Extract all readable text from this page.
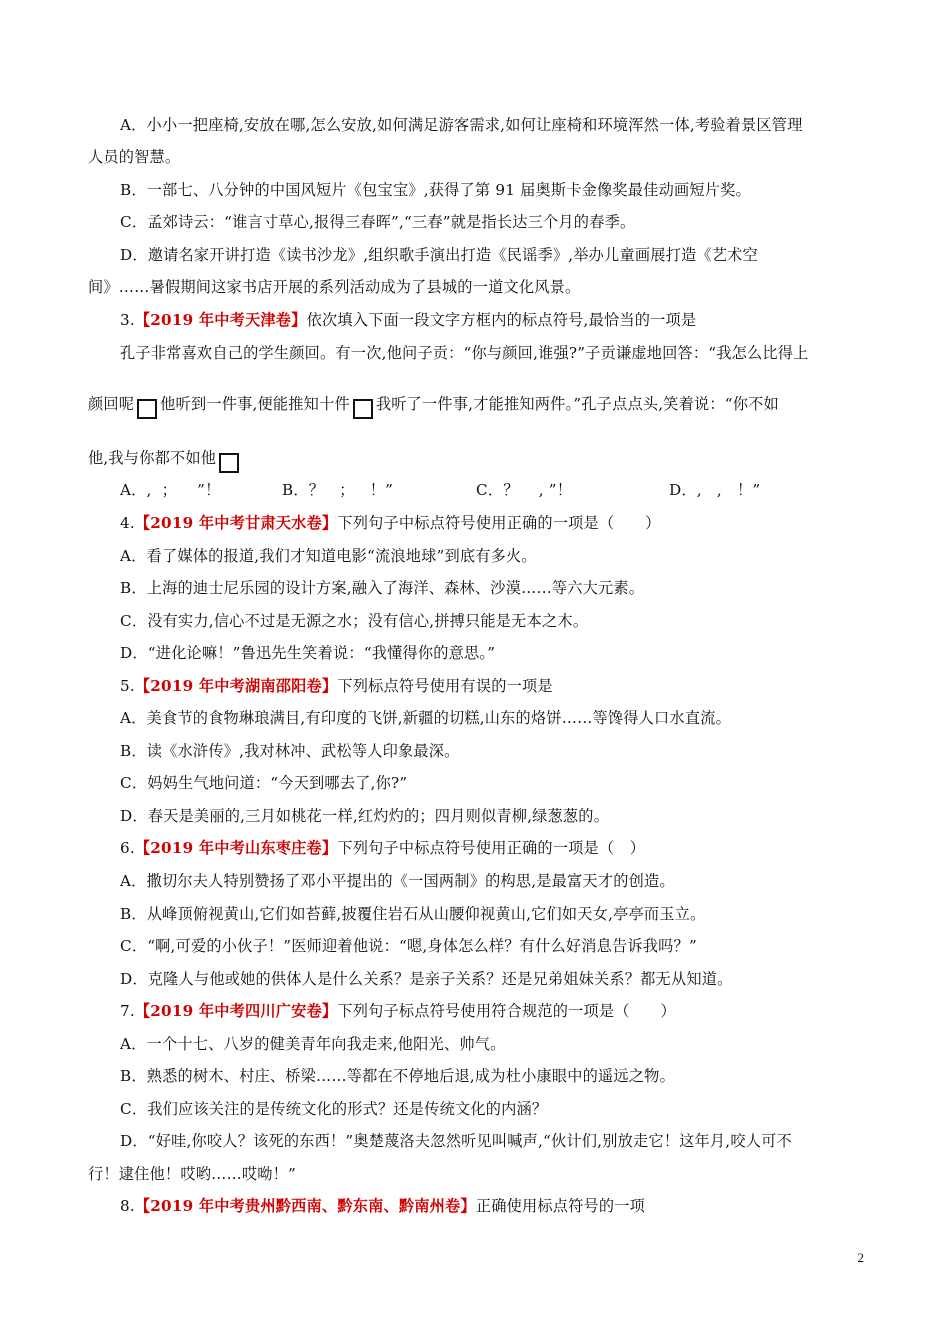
A．小小一把座椅,安放在哪,怎么安放,如何满足游客需求,如何让座椅和环境浑然一体,考验着景区管理
人员的智慧。
B．一部七、八分钟的中国风短片《包宝宝》,获得了第 91 届奥斯卡金像奖最佳动画短片奖。
C．孟郊诗云：“谁言寸草心,报得三春晖”,“三春”就是指长达三个月的春季。
D．邀请名家开讲打造《读书沙龙》,组织歌手演出打造《民谣季》,举办儿童画展打造《艺术空
间》……暑假期间这家书店开展的系列活动成为了县城的一道文化风景。
3.【2019 年中考天津卷】依次填入下面一段文字方框内的标点符号,最恰当的一项是
孔子非常喜欢自己的学生颜回。有一次,他问子贡：“你与颜回,谁强?”子贡谦虚地回答：“我怎么比得上
颜回呢 他听到一件事,便能推知十件 我听了一件事,才能推知两件。”孔子点点头,笑着说：“你不如
他,我与你都不如他
A．,  ；    ”！	B．？   ；   ！”	C．？    , ”！	D．,   ,   ！”
4.【2019 年中考甘肃天水卷】下列句子中标点符号使用正确的一项是（　　）
A．看了媒体的报道,我们才知道电影“流浪地球”到底有多火。
B．上海的迪士尼乐园的设计方案,融入了海洋、森林、沙漠……等六大元素。
C．没有实力,信心不过是无源之水；没有信心,拼搏只能是无本之木。
D．“进化论嘛！”鲁迅先生笑着说：“我懂得你的意思。”
5.【2019 年中考湖南邵阳卷】下列标点符号使用有误的一项是
A．美食节的食物琳琅满目,有印度的飞饼,新疆的切糕,山东的烙饼……等馋得人口水直流。
B．读《水浒传》,我对林冲、武松等人印象最深。
C．妈妈生气地问道：“今天到哪去了,你?”
D．春天是美丽的,三月如桃花一样,红灼灼的；四月则似青柳,绿葱葱的。
6.【2019 年中考山东枣庄卷】下列句子中标点符号使用正确的一项是（　）
A．撒切尔夫人特别赞扬了邓小平提出的《一国两制》的构思,是最富天才的创造。
B．从峰顶俯视黄山,它们如苔藓,披覆住岩石从山腰仰视黄山,它们如天女,亭亭而玉立。
C．“啊,可爱的小伙子！”医师迎着他说：“嗯,身体怎么样？有什么好消息告诉我吗？”
D．克隆人与他或她的供体人是什么关系？是亲子关系？还是兄弟姐妹关系？都无从知道。
7.【2019 年中考四川广安卷】下列句子标点符号使用符合规范的一项是（　　）
A．一个十七、八岁的健美青年向我走来,他阳光、帅气。
B．熟悉的树木、村庄、桥梁……等都在不停地后退,成为杜小康眼中的遥远之物。
C．我们应该关注的是传统文化的形式？还是传统文化的内涵？
D．“好哇,你咬人？该死的东西！”奥楚蔑洛夫忽然听见叫喊声,“伙计们,别放走它！这年月,咬人可不
行！逮住他！哎哟……哎呦！”
8.【2019 年中考贵州黔西南、黔东南、黔南州卷】正确使用标点符号的一项
2
